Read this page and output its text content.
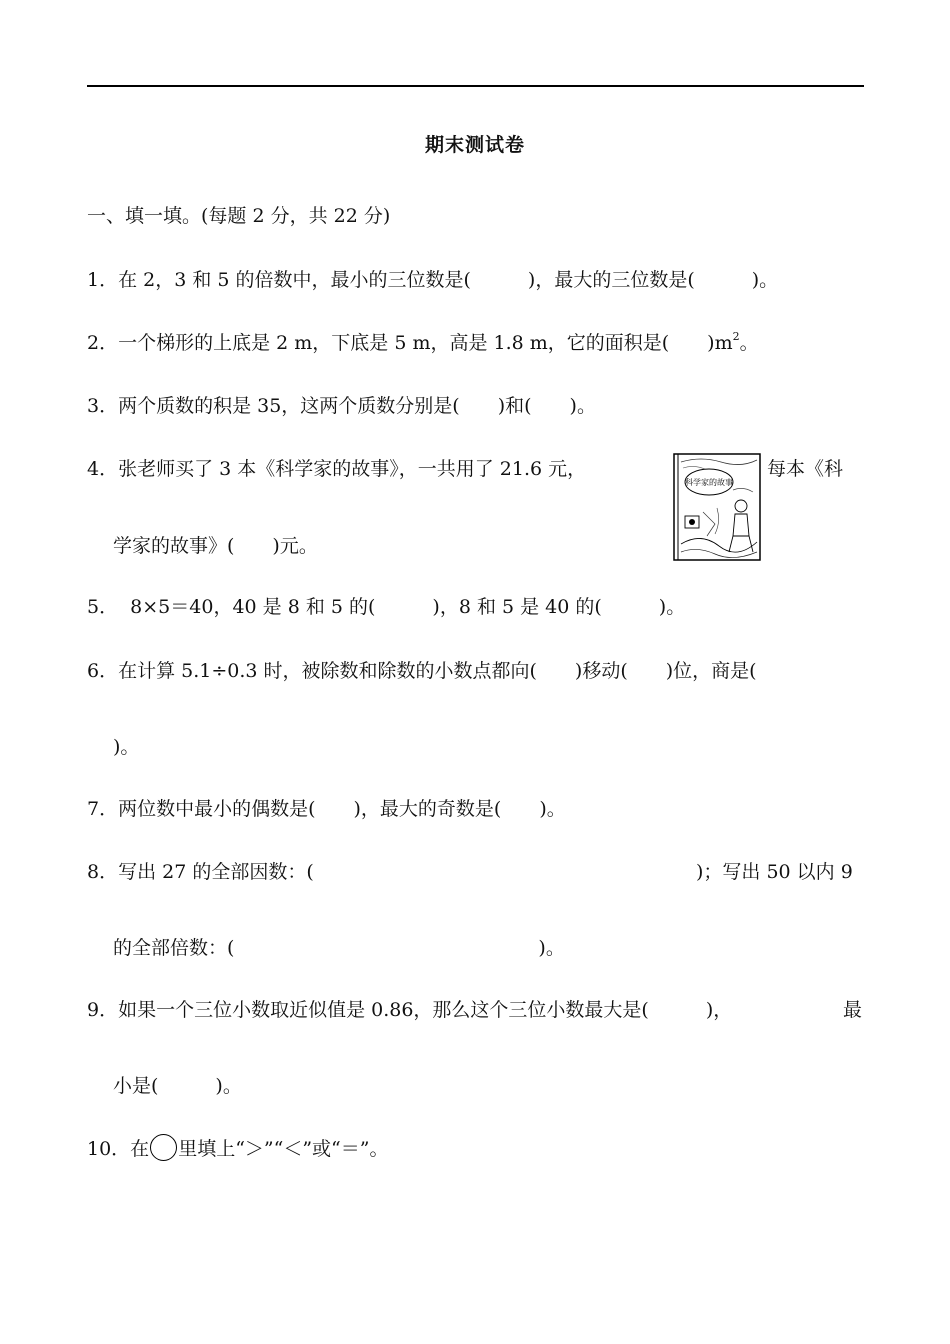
期末测试卷
一、填一填。(每题 2 分，共 22 分)
1．在 2，3 和 5 的倍数中，最小的三位数是(　　　)，最大的三位数是(　　　)。
2．一个梯形的上底是 2 m，下底是 5 m，高是 1.8 m，它的面积是(　　)$m^2$。
3．两个质数的积是 35，这两个质数分别是(　　)和(　　)。
4．张老师买了 3 本《科学家的故事》，一共用了 21.6 元，	每本《科
科学家的故事
学家的故事》(　　)元。
5．  8×5＝40，40 是 8 和 5 的(　　　)，8 和 5 是 40 的(　　　)。
6．在计算 5.1÷0.3 时，被除数和除数的小数点都向(　　)移动(　　)位，商是(
)。
7．两位数中最小的偶数是(　　)，最大的奇数是(　　)。
8．写出 27 的全部因数：(	)；写出 50 以内 9
的全部倍数：(　　　　　　　　　　　　　　　　)。
9．如果一个三位小数取近似值是 0.86，那么这个三位小数最大是(　　　)，	最
小是(　　　)。
10．在 里填上“＞”“＜”或“＝”。
